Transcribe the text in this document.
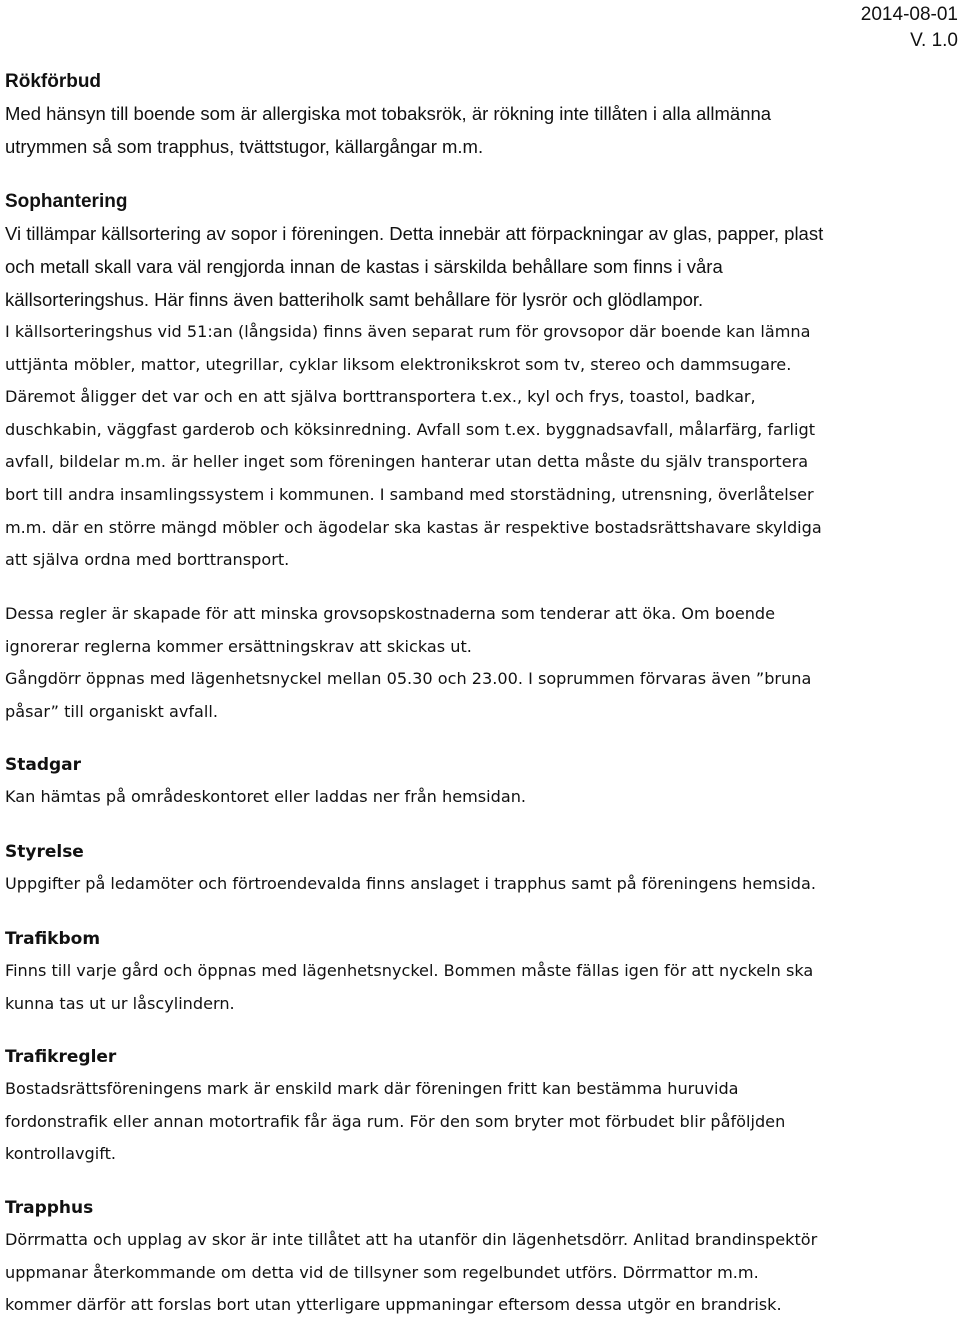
2014-08-01
V. 1.0
Rökförbud
Med hänsyn till boende som är allergiska mot tobaksrök, är rökning inte tillåten i alla allmänna
utrymmen så som trapphus, tvättstugor, källargångar m.m.
Sophantering
Vi tillämpar källsortering av sopor i föreningen. Detta innebär att förpackningar av glas, papper, plast
och metall skall vara väl rengjorda innan de kastas i särskilda behållare som finns i våra
källsorteringshus. Här finns även batteriholk samt behållare för lysrör och glödlampor.
I källsorteringshus vid 51:an (långsida) finns även separat rum för grovsopor där boende kan lämna
uttjänta möbler, mattor, utegrillar, cyklar liksom elektronikskrot som tv, stereo och dammsugare.
Däremot åligger det var och en att själva borttransportera t.ex., kyl och frys, toastol, badkar,
duschkabin, väggfast garderob och köksinredning. Avfall som t.ex. byggnadsavfall, målarfärg, farligt
avfall, bildelar m.m. är heller inget som föreningen hanterar utan detta måste du själv transportera
bort till andra insamlingssystem i kommunen. I samband med storstädning, utrensning, överlåtelser
m.m. där en större mängd möbler och ägodelar ska kastas är respektive bostadsrättshavare skyldiga
att själva ordna med borttransport.
Dessa regler är skapade för att minska grovsopskostnaderna som tenderar att öka. Om boende
ignorerar reglerna kommer ersättningskrav att skickas ut.
Gångdörr öppnas med lägenhetsnyckel mellan 05.30 och 23.00. I soprummen förvaras även ”bruna
påsar” till organiskt avfall.
Stadgar
Kan hämtas på områdeskontoret eller laddas ner från hemsidan.
Styrelse
Uppgifter på ledamöter och förtroendevalda finns anslaget i trapphus samt på föreningens hemsida.
Trafikbom
Finns till varje gård och öppnas med lägenhetsnyckel. Bommen måste fällas igen för att nyckeln ska
kunna tas ut ur låscylindern.
Trafikregler
Bostadsrättsföreningens mark är enskild mark där föreningen fritt kan bestämma huruvida
fordonstrafik eller annan motortrafik får äga rum. För den som bryter mot förbudet blir påföljden
kontrollavgift.
Trapphus
Dörrmatta och upplag av skor är inte tillåtet att ha utanför din lägenhetsdörr. Anlitad brandinspektör
uppmanar återkommande om detta vid de tillsyner som regelbundet utförs. Dörrmattor m.m.
kommer därför att forslas bort utan ytterligare uppmaningar eftersom dessa utgör en brandrisk.
